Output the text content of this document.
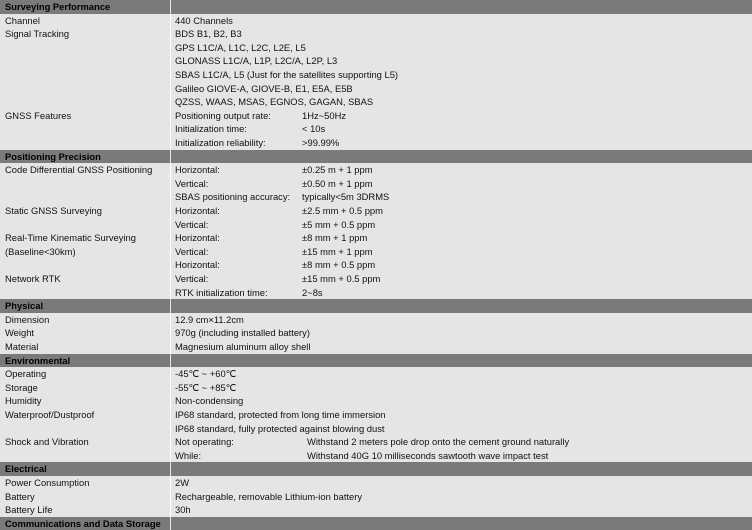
Surveying Performance
Channel	440 Channels
Signal Tracking	BDS B1, B2, B3
GPS L1C/A, L1C, L2C, L2E, L5
GLONASS L1C/A, L1P, L2C/A, L2P, L3
SBAS L1C/A, L5 (Just for the satellites supporting L5)
Galileo GIOVE-A, GIOVE-B, E1, E5A, E5B
QZSS, WAAS, MSAS, EGNOS, GAGAN, SBAS
GNSS Features	Positioning output rate:	1Hz~50Hz
Initialization time:	< 10s
Initialization reliability:	>99.99%
Positioning Precision
Code Differential GNSS Positioning	Horizontal:	±0.25 m + 1 ppm
Vertical:	±0.50 m + 1 ppm
SBAS positioning accuracy: typically<5m 3DRMS
Static GNSS Surveying	Horizontal:	±2.5 mm + 0.5 ppm
Vertical:	±5 mm + 0.5 ppm
Real-Time Kinematic Surveying	Horizontal:	±8 mm + 1 ppm
(Baseline<30km)	Vertical:	±15 mm + 1 ppm
Horizontal:	±8 mm + 0.5 ppm
Network RTK	Vertical:	±15 mm + 0.5 ppm
RTK initialization time:	2~8s
Physical
Dimension	12.9 cm×11.2cm
Weight	970g (including installed battery)
Material	Magnesium aluminum alloy shell
Environmental
Operating	-45℃ ~ +60℃
Storage	-55℃ ~ +85℃
Humidity	Non-condensing
Waterproof/Dustproof	IP68 standard, protected from long time immersion
IP68 standard, fully protected against blowing dust
Shock and Vibration	Not operating:	Withstand 2 meters pole drop onto the cement ground naturally
While:	Withstand 40G 10 milliseconds sawtooth wave impact test
Electrical
Power Consumption	2W
Battery	Rechargeable, removable Lithium-ion battery
Battery Life	30h
Communications and Data Storage
